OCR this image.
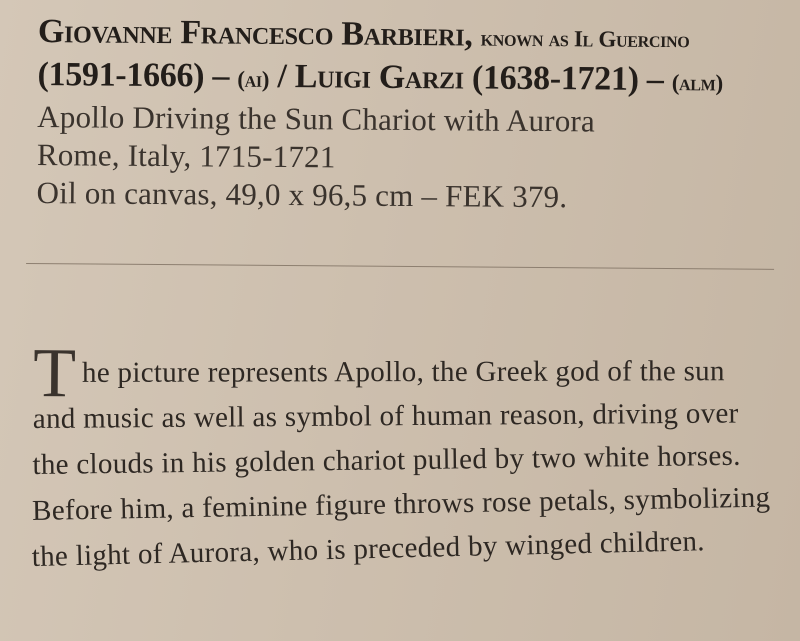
Giovanne Francesco Barbieri, known as Il Guercino
(1591-1666) – (ai) / Luigi Garzi (1638-1721) – (alm)
Apollo Driving the Sun Chariot with Aurora
Rome, Italy, 1715-1721
Oil on canvas, 49,0 x 96,5 cm – FEK 379.
T he picture represents Apollo, the Greek god of the sun
and music as well as symbol of human reason, driving over
the clouds in his golden chariot pulled by two white horses.
Before him, a feminine figure throws rose petals, symbolizing
the light of Aurora, who is preceded by winged children.
